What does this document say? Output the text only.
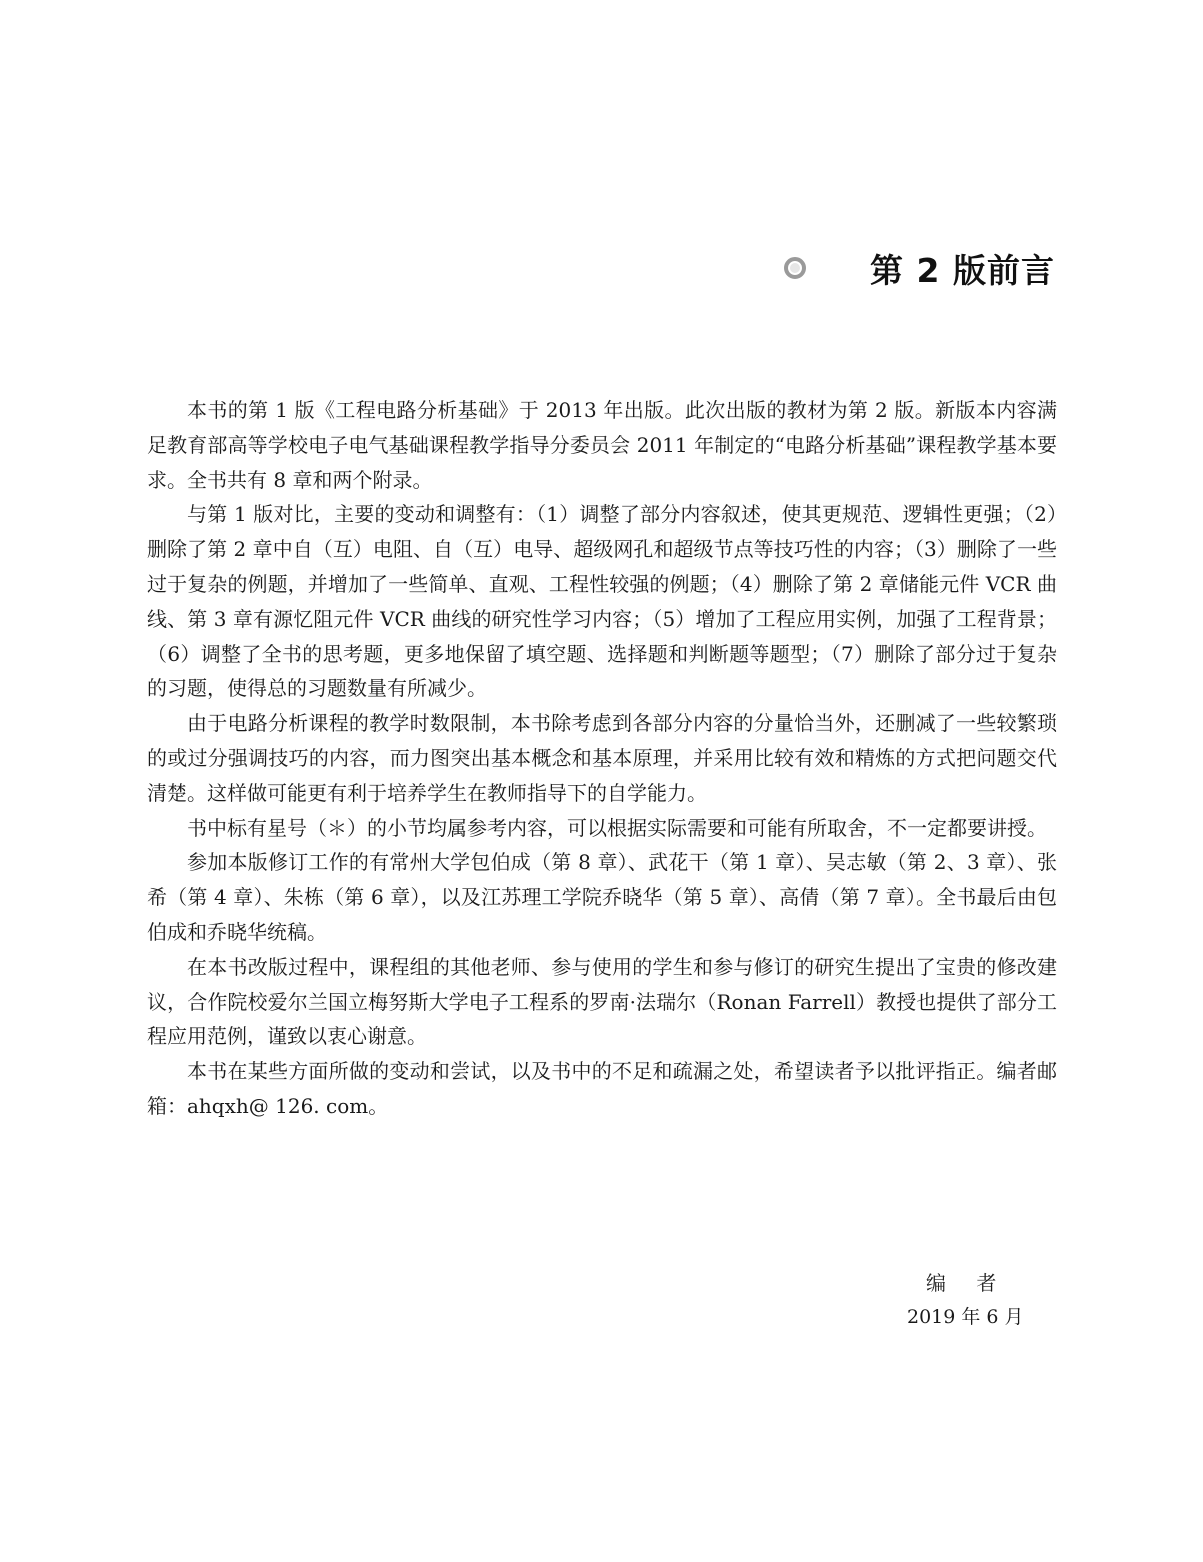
第 2 版前言

本书的第 1 版《工程电路分析基础》于 2013 年出版。此次出版的教材为第 2 版。新版本内容满足教育部高等学校电子电气基础课程教学指导分委员会 2011 年制定的“电路分析基础”课程教学基本要求。全书共有 8 章和两个附录。

与第 1 版对比，主要的变动和调整有：（1）调整了部分内容叙述，使其更规范、逻辑性更强；（2）删除了第 2 章中自（互）电阻、自（互）电导、超级网孔和超级节点等技巧性的内容；（3）删除了一些过于复杂的例题，并增加了一些简单、直观、工程性较强的例题；（4）删除了第 2 章储能元件 VCR 曲线、第 3 章有源忆阻元件 VCR 曲线的研究性学习内容；（5）增加了工程应用实例，加强了工程背景；（6）调整了全书的思考题，更多地保留了填空题、选择题和判断题等题型；（7）删除了部分过于复杂的习题，使得总的习题数量有所减少。

由于电路分析课程的教学时数限制，本书除考虑到各部分内容的分量恰当外，还删减了一些较繁琐的或过分强调技巧的内容，而力图突出基本概念和基本原理，并采用比较有效和精炼的方式把问题交代清楚。这样做可能更有利于培养学生在教师指导下的自学能力。

书中标有星号（＊）的小节均属参考内容，可以根据实际需要和可能有所取舍，不一定都要讲授。

参加本版修订工作的有常州大学包伯成（第 8 章）、武花干（第 1 章）、吴志敏（第 2、3 章）、张希（第 4 章）、朱栋（第 6 章），以及江苏理工学院乔晓华（第 5 章）、高倩（第 7 章）。全书最后由包伯成和乔晓华统稿。

在本书改版过程中，课程组的其他老师、参与使用的学生和参与修订的研究生提出了宝贵的修改建议，合作院校爱尔兰国立梅努斯大学电子工程系的罗南·法瑞尔（Ronan Farrell）教授也提供了部分工程应用范例，谨致以衷心谢意。

本书在某些方面所做的变动和尝试，以及书中的不足和疏漏之处，希望读者予以批评指正。编者邮箱：ahqxh@ 126. com。

编 者
2019 年 6 月
